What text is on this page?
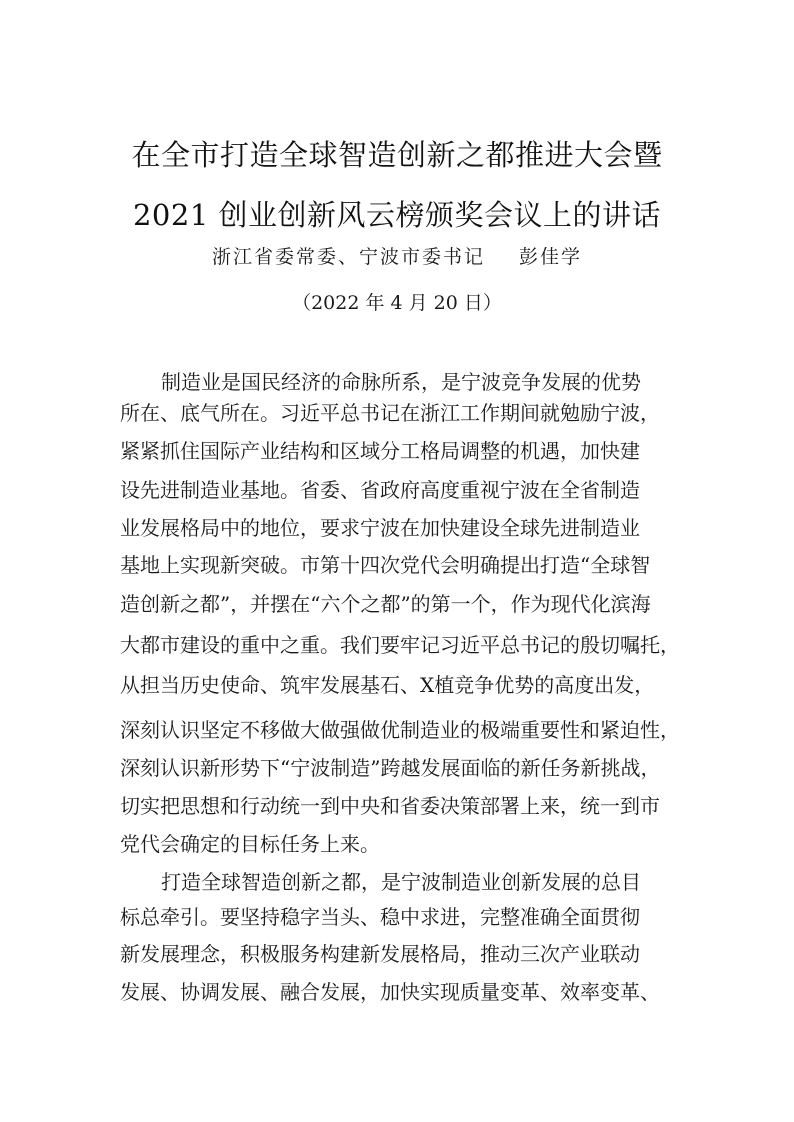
在全市打造全球智造创新之都推进大会暨
2021 创业创新风云榜颁奖会议上的讲话
浙江省委常委、宁波市委书记 彭佳学
（2022 年 4 月 20 日）
制造业是国民经济的命脉所系，是宁波竞争发展的优势
所在、底气所在。习近平总书记在浙江工作期间就勉励宁波，
紧紧抓住国际产业结构和区域分工格局调整的机遇，加快建
设先进制造业基地。省委、省政府高度重视宁波在全省制造
业发展格局中的地位，要求宁波在加快建设全球先进制造业
基地上实现新突破。市第十四次党代会明确提出打造“全球智
造创新之都”，并摆在“六个之都”的第一个，作为现代化滨海
大都市建设的重中之重。我们要牢记习近平总书记的殷切嘱托，
从担当历史使命、筑牢发展基石、X植竞争优势的高度出发，
深刻认识坚定不移做大做强做优制造业的极端重要性和紧迫性，
深刻认识新形势下“宁波制造”跨越发展面临的新任务新挑战，
切实把思想和行动统一到中央和省委决策部署上来，统一到市
党代会确定的目标任务上来。
打造全球智造创新之都，是宁波制造业创新发展的总目
标总牵引。要坚持稳字当头、稳中求进，完整准确全面贯彻
新发展理念，积极服务构建新发展格局，推动三次产业联动
发展、协调发展、融合发展，加快实现质量变革、效率变革、
